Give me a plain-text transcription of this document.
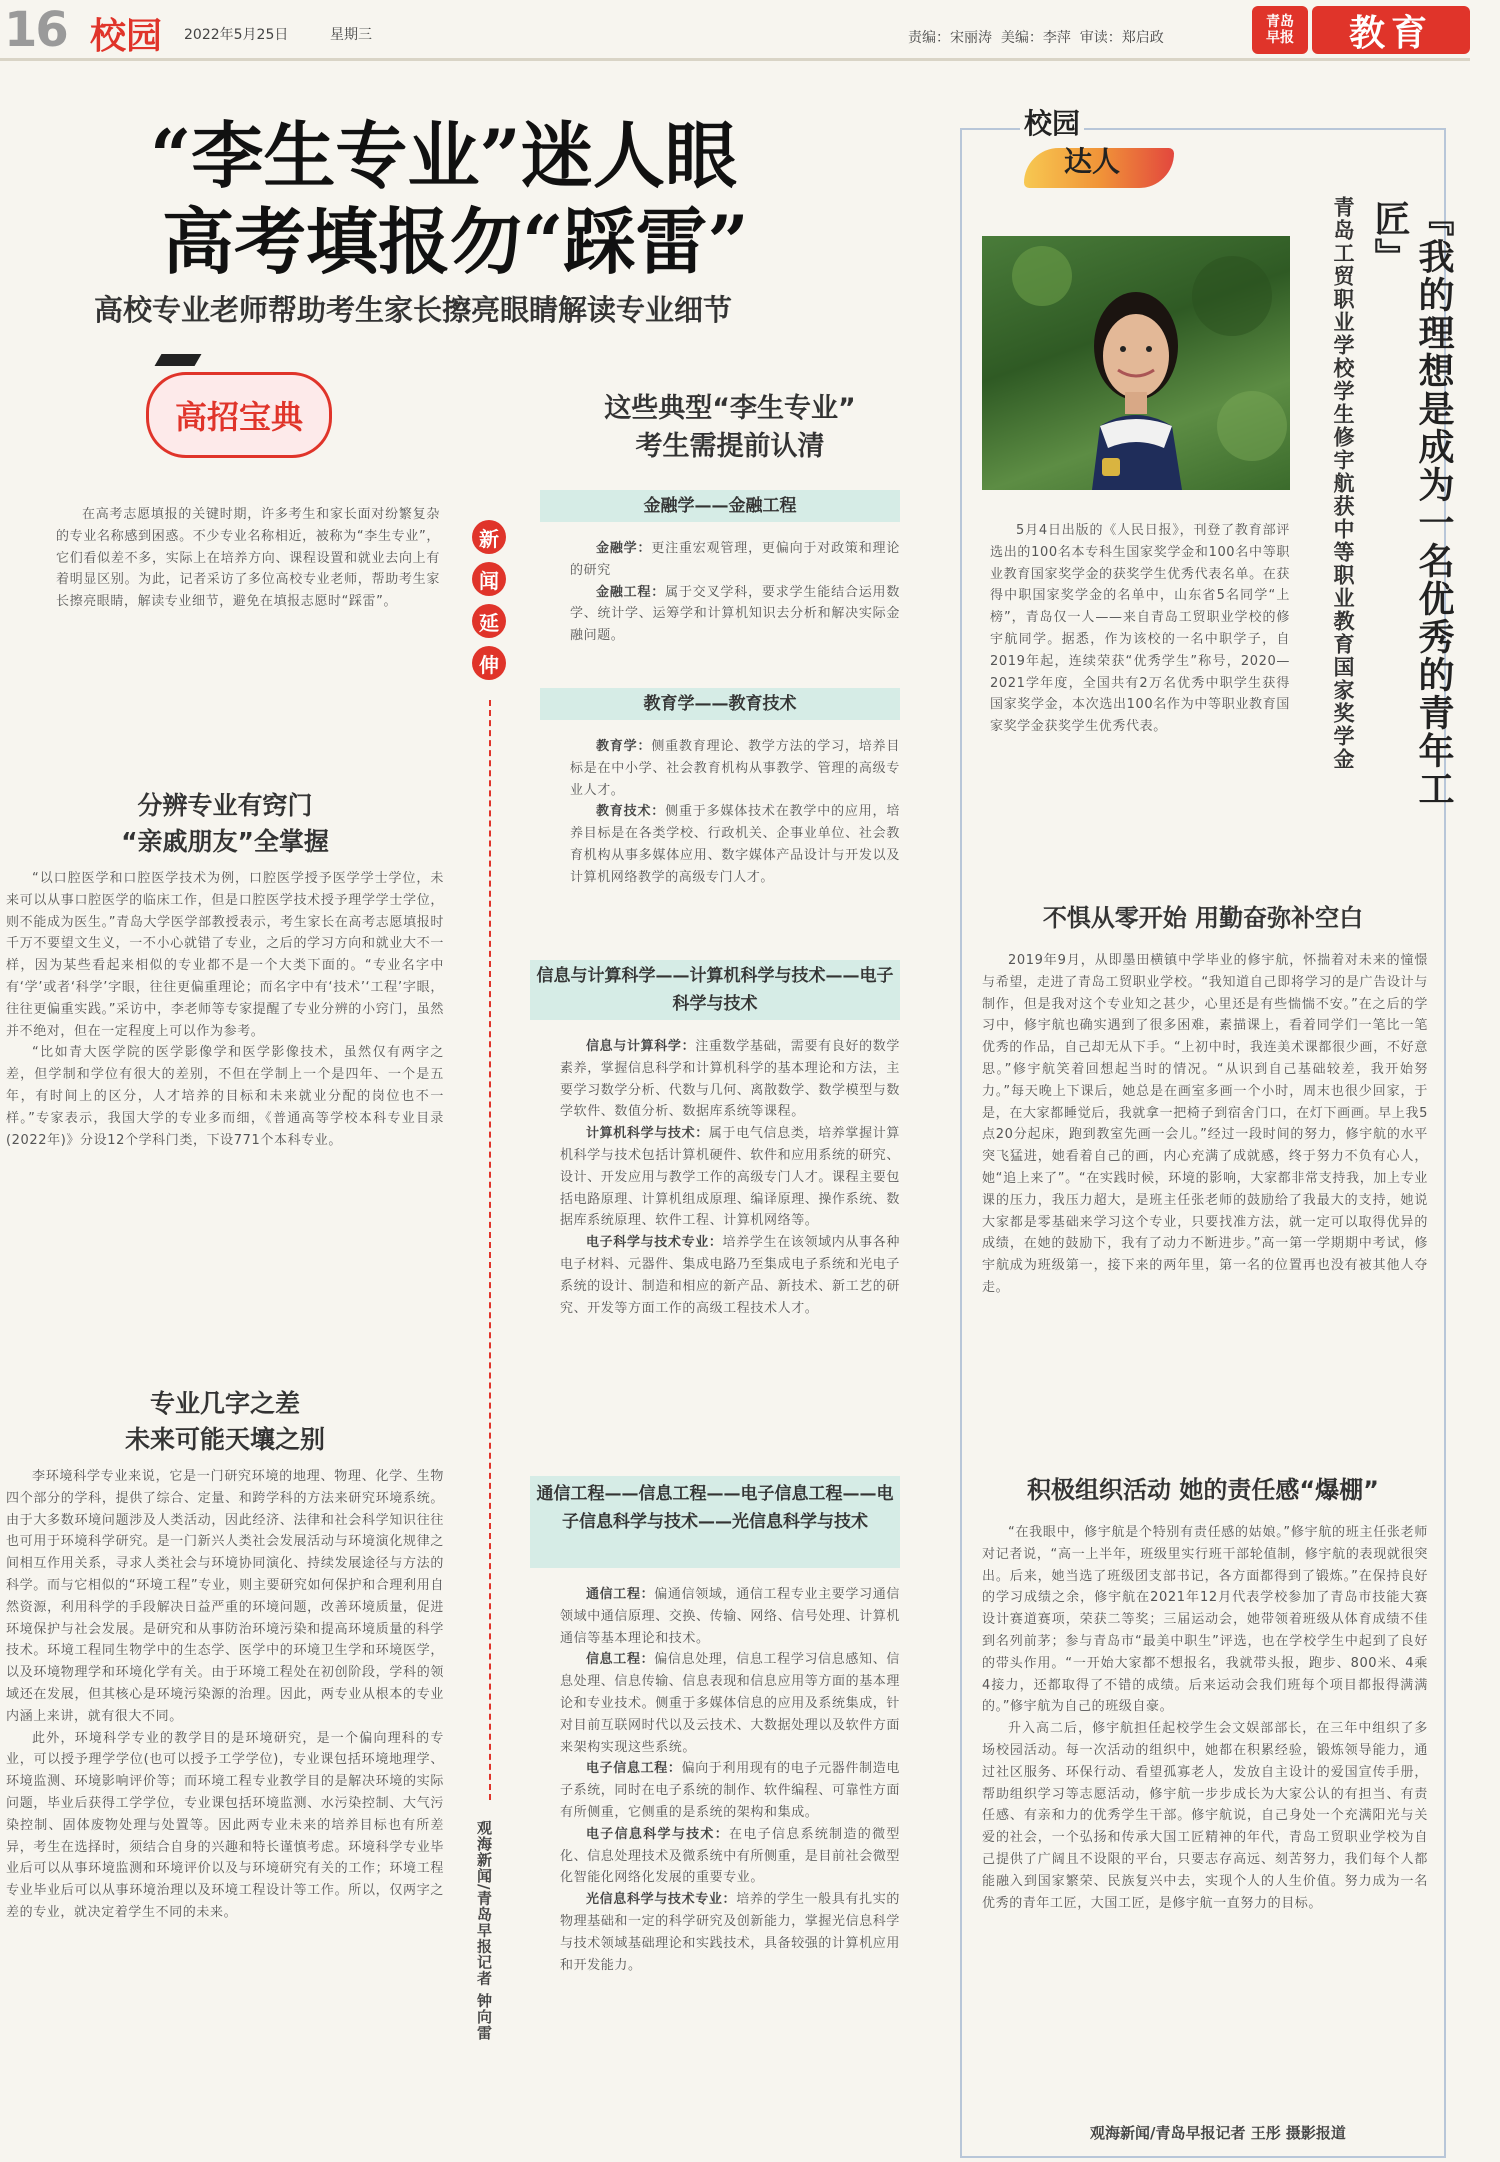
16 校园 2022年5月25日	星期三	责编：宋丽涛  美编：李萍  审读：郑启政
青岛
早报 教育
“李生专业”迷人眼
高考填报勿“踩雷”
高校专业老师帮助考生家长擦亮眼睛解读专业细节
高招宝典
在高考志愿填报的关键时期，许多考生和家长面对纷繁复杂的专业名称感到困惑。不少专业名称相近，被称为“李生专业”，它们看似差不多，实际上在培养方向、课程设置和就业去向上有着明显区别。为此，记者采访了多位高校专业老师，帮助考生家长擦亮眼睛，解读专业细节，避免在填报志愿时“踩雷”。
新
闻
延
伸
观海新闻/青岛早报记者 钟向雷
分辨专业有窍门
“亲戚朋友”全掌握

“以口腔医学和口腔医学技术为例，口腔医学授予医学学士学位，未来可以从事口腔医学的临床工作，但是口腔医学技术授予理学学士学位，则不能成为医生。”青岛大学医学部教授表示，考生家长在高考志愿填报时千万不要望文生义，一不小心就错了专业，之后的学习方向和就业大不一样，因为某些看起来相似的专业都不是一个大类下面的。“专业名字中有‘学’或者‘科学’字眼，往往更偏重理论；而名字中有‘技术’‘工程’字眼，往往更偏重实践。”采访中，李老师等专家提醒了专业分辨的小窍门，虽然并不绝对，但在一定程度上可以作为参考。

“比如青大医学院的医学影像学和医学影像技术，虽然仅有两字之差，但学制和学位有很大的差别，不但在学制上一个是四年、一个是五年，有时间上的区分，人才培养的目标和未来就业分配的岗位也不一样。”专家表示，我国大学的专业多而细，《普通高等学校本科专业目录(2022年)》分设12个学科门类，下设771个本科专业。

专业几字之差
未来可能天壤之别

李环境科学专业来说，它是一门研究环境的地理、物理、化学、生物四个部分的学科，提供了综合、定量、和跨学科的方法来研究环境系统。由于大多数环境问题涉及人类活动，因此经济、法律和社会科学知识往往也可用于环境科学研究。是一门新兴人类社会发展活动与环境演化规律之间相互作用关系，寻求人类社会与环境协同演化、持续发展途径与方法的科学。而与它相似的“环境工程”专业，则主要研究如何保护和合理利用自然资源，利用科学的手段解决日益严重的环境问题，改善环境质量，促进环境保护与社会发展。是研究和从事防治环境污染和提高环境质量的科学技术。环境工程同生物学中的生态学、医学中的环境卫生学和环境医学，以及环境物理学和环境化学有关。由于环境工程处在初创阶段，学科的领域还在发展，但其核心是环境污染源的治理。因此，两专业从根本的专业内涵上来讲，就有很大不同。

此外，环境科学专业的教学目的是环境研究，是一个偏向理科的专业，可以授予理学学位(也可以授予工学学位)，专业课包括环境地理学、环境监测、环境影响评价等；而环境工程专业教学目的是解决环境的实际问题，毕业后获得工学学位，专业课包括环境监测、水污染控制、大气污染控制、固体废物处理与处置等。因此两专业未来的培养目标也有所差异，考生在选择时，须结合自身的兴趣和特长谨慎考虑。环境科学专业毕业后可以从事环境监测和环境评价以及与环境研究有关的工作；环境工程专业毕业后可以从事环境治理以及环境工程设计等工作。所以，仅两字之差的专业，就决定着学生不同的未来。

这些典型“李生专业”
考生需提前认清
金融学——金融工程

金融学：更注重宏观管理，更偏向于对政策和理论的研究

金融工程：属于交叉学科，要求学生能结合运用数学、统计学、运筹学和计算机知识去分析和解决实际金融问题。

教育学——教育技术

教育学：侧重教育理论、教学方法的学习，培养目标是在中小学、社会教育机构从事教学、管理的高级专业人才。

教育技术：侧重于多媒体技术在教学中的应用，培养目标是在各类学校、行政机关、企事业单位、社会教育机构从事多媒体应用、数字媒体产品设计与开发以及计算机网络教学的高级专门人才。

信息与计算科学——计算机科学与技术——电子科学与技术

信息与计算科学：注重数学基础，需要有良好的数学素养，掌握信息科学和计算机科学的基本理论和方法，主要学习数学分析、代数与几何、离散数学、数学模型与数学软件、数值分析、数据库系统等课程。

计算机科学与技术：属于电气信息类，培养掌握计算机科学与技术包括计算机硬件、软件和应用系统的研究、设计、开发应用与教学工作的高级专门人才。课程主要包括电路原理、计算机组成原理、编译原理、操作系统、数据库系统原理、软件工程、计算机网络等。

电子科学与技术专业：培养学生在该领域内从事各种电子材料、元器件、集成电路乃至集成电子系统和光电子系统的设计、制造和相应的新产品、新技术、新工艺的研究、开发等方面工作的高级工程技术人才。

通信工程——信息工程——电子信息工程——电子信息科学与技术——光信息科学与技术

通信工程：偏通信领域，通信工程专业主要学习通信领域中通信原理、交换、传输、网络、信号处理、计算机通信等基本理论和技术。

信息工程：偏信息处理，信息工程学习信息感知、信息处理、信息传输、信息表现和信息应用等方面的基本理论和专业技术。侧重于多媒体信息的应用及系统集成，针对目前互联网时代以及云技术、大数据处理以及软件方面来架构实现这些系统。

电子信息工程：偏向于利用现有的电子元器件制造电子系统，同时在电子系统的制作、软件编程、可靠性方面有所侧重，它侧重的是系统的架构和集成。

电子信息科学与技术：在电子信息系统制造的微型化、信息处理技术及微系统中有所侧重，是目前社会微型化智能化网络化发展的重要专业。

光信息科学与技术专业：培养的学生一般具有扎实的物理基础和一定的科学研究及创新能力，掌握光信息科学与技术领域基础理论和实践技术，具备较强的计算机应用和开发能力。

校园
达人
『我的理想是成为一名优秀的青年工匠』
青岛工贸职业学校学生修宇航获中等职业教育国家奖学金
5月4日出版的《人民日报》，刊登了教育部评选出的100名本专科生国家奖学金和100名中等职业教育国家奖学金的获奖学生优秀代表名单。在获得中职国家奖学金的名单中，山东省5名同学“上榜”，青岛仅一人——来自青岛工贸职业学校的修宇航同学。据悉，作为该校的一名中职学子，自2019年起，连续荣获“优秀学生”称号，2020—2021学年度，全国共有2万名优秀中职学生获得国家奖学金，本次选出100名作为中等职业教育国家奖学金获奖学生优秀代表。
不惧从零开始 用勤奋弥补空白

2019年9月，从即墨田横镇中学毕业的修宇航，怀揣着对未来的憧憬与希望，走进了青岛工贸职业学校。“我知道自己即将学习的是广告设计与制作，但是我对这个专业知之甚少，心里还是有些惴惴不安。”在之后的学习中，修宇航也确实遇到了很多困难，素描课上，看着同学们一笔比一笔优秀的作品，自己却无从下手。“上初中时，我连美术课都很少画，不好意思。”修宇航笑着回想起当时的情况。“从识到自己基础较差，我开始努力。”每天晚上下课后，她总是在画室多画一个小时，周末也很少回家，于是，在大家都睡觉后，我就拿一把椅子到宿舍门口，在灯下画画。早上我5点20分起床，跑到教室先画一会儿。”经过一段时间的努力，修宇航的水平突飞猛进，她看着自己的画，内心充满了成就感，终于努力不负有心人，她“追上来了”。“在实践时候，环境的影响，大家都非常支持我，加上专业课的压力，我压力超大，是班主任张老师的鼓励给了我最大的支持，她说大家都是零基础来学习这个专业，只要找准方法，就一定可以取得优异的成绩，在她的鼓励下，我有了动力不断进步。”高一第一学期期中考试，修宇航成为班级第一，接下来的两年里，第一名的位置再也没有被其他人夺走。

积极组织活动 她的责任感“爆棚”

“在我眼中，修宇航是个特别有责任感的姑娘。”修宇航的班主任张老师对记者说，“高一上半年，班级里实行班干部轮值制，修宇航的表现就很突出。后来，她当选了班级团支部书记，各方面都得到了锻炼。”在保持良好的学习成绩之余，修宇航在2021年12月代表学校参加了青岛市技能大赛设计赛道赛项，荣获二等奖；三届运动会，她带领着班级从体育成绩不佳到名列前茅；参与青岛市“最美中职生”评选，也在学校学生中起到了良好的带头作用。“一开始大家都不想报名，我就带头报，跑步、800米、4乘4接力，还都取得了不错的成绩。后来运动会我们班每个项目都报得满满的。”修宇航为自己的班级自豪。

升入高二后，修宇航担任起校学生会文娱部部长，在三年中组织了多场校园活动。每一次活动的组织中，她都在积累经验，锻炼领导能力，通过社区服务、环保行动、看望孤寡老人，发放自主设计的爱国宣传手册，帮助组织学习等志愿活动，修宇航一步步成长为大家公认的有担当、有责任感、有亲和力的优秀学生干部。修宇航说，自己身处一个充满阳光与关爱的社会，一个弘扬和传承大国工匠精神的年代，青岛工贸职业学校为自己提供了广阔且不设限的平台，只要志存高远、刻苦努力，我们每个人都能融入到国家繁荣、民族复兴中去，实现个人的人生价值。努力成为一名优秀的青年工匠，大国工匠，是修宇航一直努力的目标。

观海新闻/青岛早报记者 王彤 摄影报道
